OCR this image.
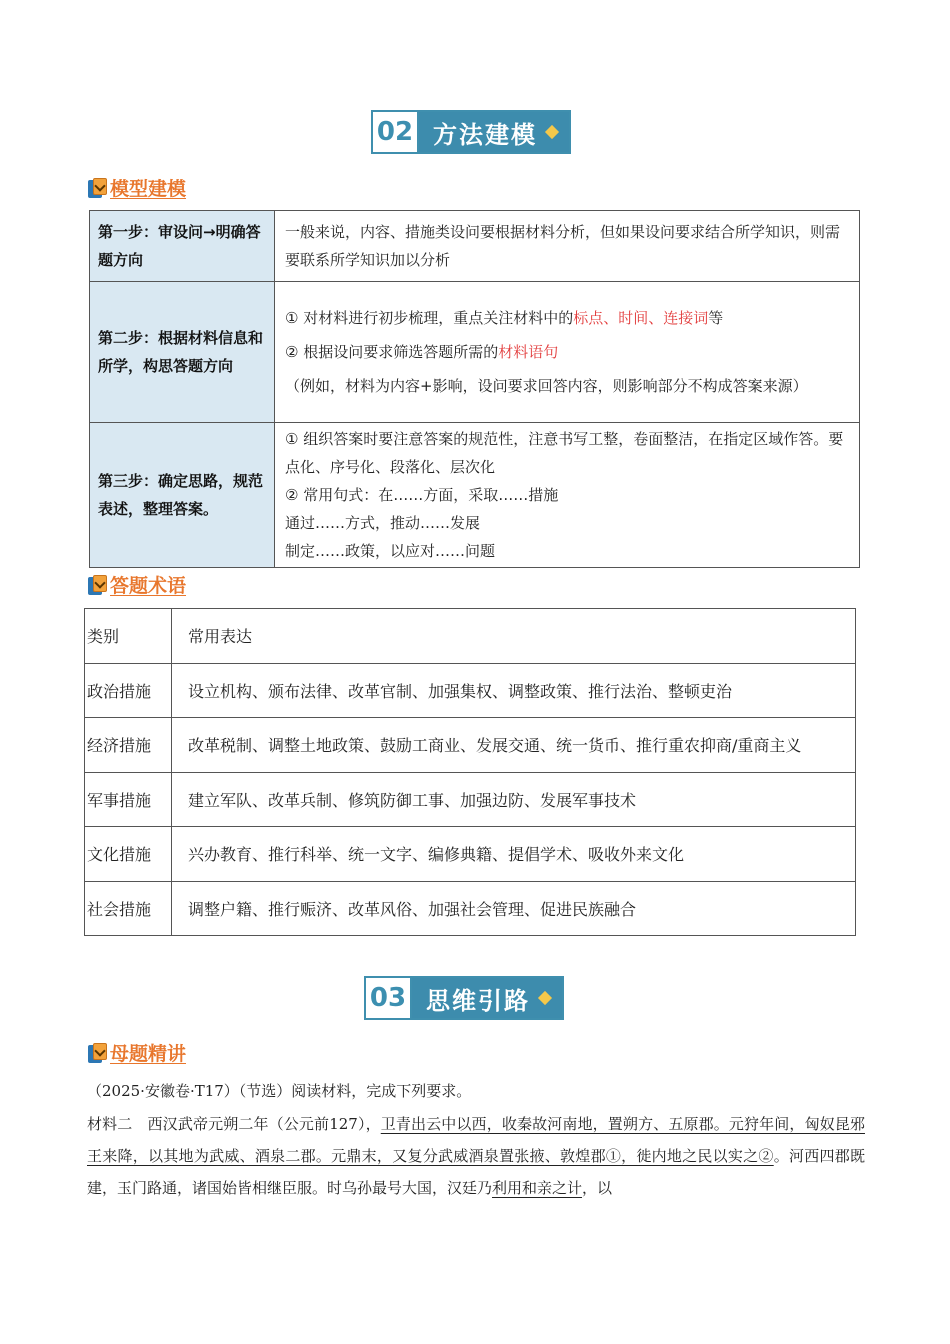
02 方法建模
模型建模
第一步：审设问→明确答题方向	一般来说，内容、措施类设问要根据材料分析，但如果设问要求结合所学知识，则需要联系所学知识加以分析

第二步：根据材料信息和所学，构思答题方向	① 对材料进行初步梳理，重点关注材料中的标点、时间、连接词等
② 根据设问要求筛选答题所需的材料语句
（例如，材料为内容+影响，设问要求回答内容，则影响部分不构成答案来源）

第三步：确定思路，规范表述，整理答案。	① 组织答案时要注意答案的规范性，注意书写工整，卷面整洁，在指定区域作答。要点化、序号化、段落化、层次化
② 常用句式：在……方面，采取……措施
通过……方式，推动……发展
制定……政策，以应对……问题
答题术语
类别	常用表达
政治措施	设立机构、颁布法律、改革官制、加强集权、调整政策、推行法治、整顿吏治
经济措施	改革税制、调整土地政策、鼓励工商业、发展交通、统一货币、推行重农抑商/重商主义
军事措施	建立军队、改革兵制、修筑防御工事、加强边防、发展军事技术
文化措施	兴办教育、推行科举、统一文字、编修典籍、提倡学术、吸收外来文化
社会措施	调整户籍、推行赈济、改革风俗、加强社会管理、促进民族融合
03 思维引路
母题精讲
（2025·安徽卷·T17）（节选）阅读材料，完成下列要求。
材料二　西汉武帝元朔二年（公元前127），卫青出云中以西，收秦故河南地，置朔方、五原郡。元狩年间，匈奴昆邪王来降，以其地为武威、酒泉二郡。元鼎末，又复分武威酒泉置张掖、敦煌郡①，徙内地之民以实之②。河西四郡既建，玉门路通，诸国始皆相继臣服。时乌孙最号大国，汉廷乃利用和亲之计，以
